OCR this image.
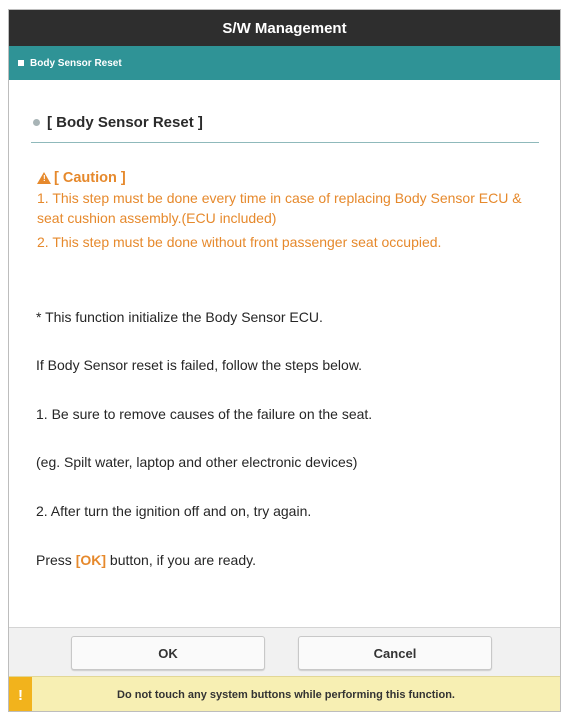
S/W Management
Body Sensor Reset
[ Body Sensor Reset ]
! [ Caution ]
1. This step must be done every time in case of replacing Body Sensor ECU & seat cushion assembly.(ECU included)
2. This step must be done without front passenger seat occupied.
* This function initialize the Body Sensor ECU.
If Body Sensor reset is failed, follow the steps below.
1. Be sure to remove causes of the failure on the seat.
(eg. Spilt water, laptop and other electronic devices)
2. After turn the ignition off and on, try again.
Press [OK] button, if you are ready.
OK	Cancel
!	Do not touch any system buttons while performing this function.
